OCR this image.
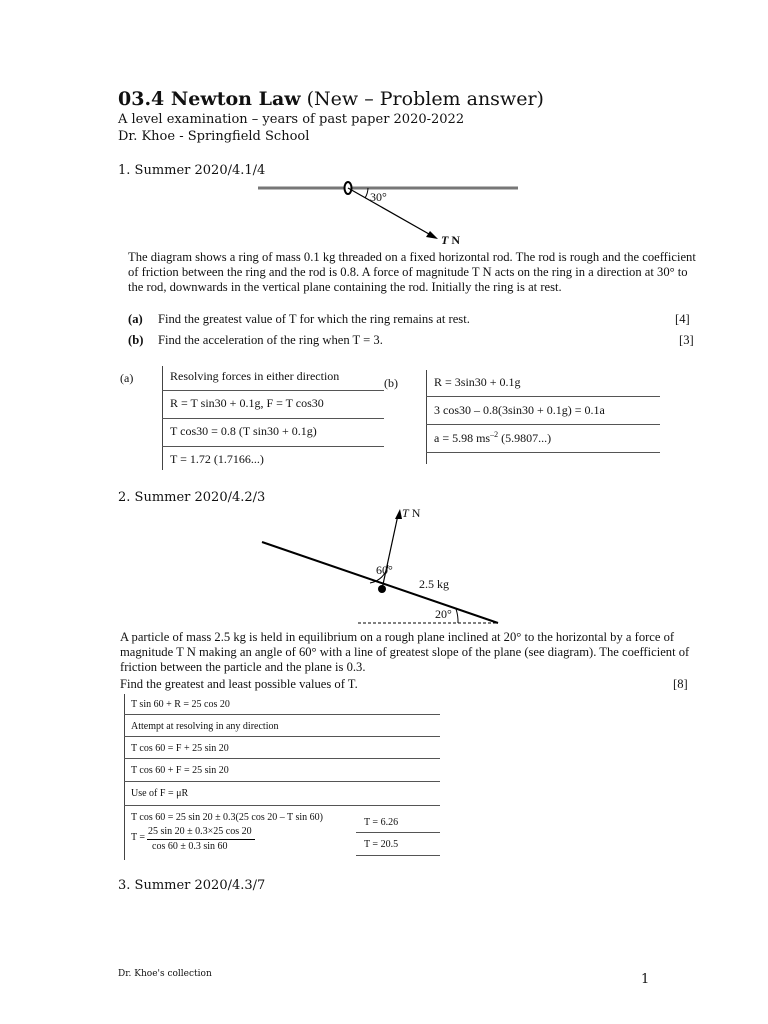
03.4 Newton Law (New – Problem answer)
A level examination – years of past paper 2020-2022
Dr. Khoe - Springfield School
1. Summer 2020/4.1/4
30°
T N
The diagram shows a ring of mass 0.1 kg threaded on a fixed horizontal rod. The rod is rough and the coefficient of friction between the ring and the rod is 0.8. A force of magnitude T N acts on the ring in a direction at 30° to the rod, downwards in the vertical plane containing the rod. Initially the ring is at rest.
(a) Find the greatest value of T for which the ring remains at rest.	[4]
(b) Find the acceleration of the ring when T = 3.	[3]
(a)	Resolving forces in either direction
R = T sin30 + 0.1g, F = T cos30
T cos30 = 0.8 (T sin30 + 0.1g)
T = 1.72 (1.7166...)
(b)	R = 3sin30 + 0.1g
3 cos30 – 0.8(3sin30 + 0.1g) = 0.1a
a = 5.98 $ms^{-2}$ (5.9807...)
2. Summer 2020/4.2/3
T N
60°
2.5 kg
20°
A particle of mass 2.5 kg is held in equilibrium on a rough plane inclined at 20° to the horizontal by a force of magnitude T N making an angle of 60° with a line of greatest slope of the plane (see diagram). The coefficient of friction between the particle and the plane is 0.3.
Find the greatest and least possible values of T.	[8]
T sin 60 + R = 25 cos 20
Attempt at resolving in any direction
T cos 60 = F + 25 sin 20
T cos 60 + F = 25 sin 20
Use of F = μR
T cos 60 = 25 sin 20 ± 0.3(25 cos 20 – T sin 60)
T =
25 sin 20 ± 0.3×25 cos 20
cos 60 ± 0.3 sin 60
T = 6.26
T = 20.5
3. Summer 2020/4.3/7
Dr. Khoe's collection	1
